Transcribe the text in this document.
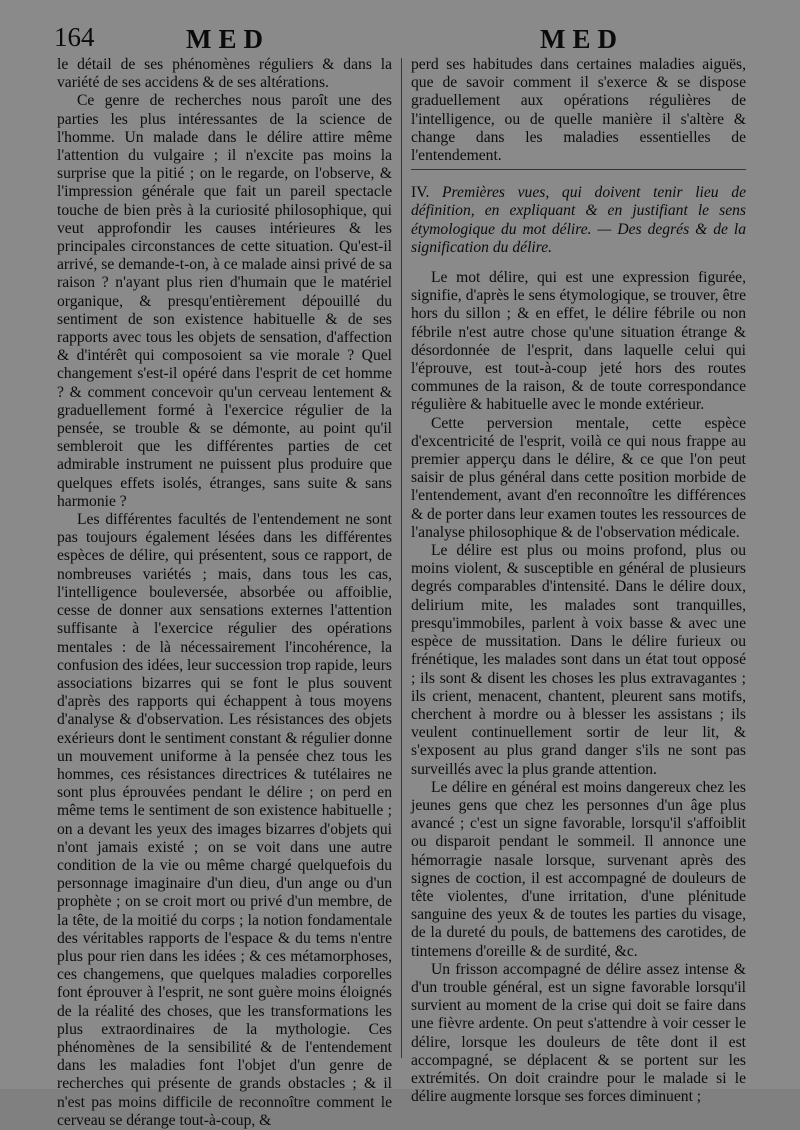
164	MED	MED

le détail de ses phénomènes réguliers & dans la variété de ses accidens & de ses altérations.

Ce genre de recherches nous paroît une des parties les plus intéressantes de la science de l'homme. Un malade dans le délire attire même l'attention du vulgaire ; il n'excite pas moins la surprise que la pitié ; on le regarde, on l'observe, & l'impression générale que fait un pareil spectacle touche de bien près à la curiosité philosophique, qui veut approfondir les causes intérieures & les principales circonstances de cette situation. Qu'est-il arrivé, se demande-t-on, à ce malade ainsi privé de sa raison ? n'ayant plus rien d'humain que le matériel organique, & presqu'entièrement dépouillé du sentiment de son existence habituelle & de ses rapports avec tous les objets de sensation, d'affection & d'intérêt qui composoient sa vie morale ? Quel changement s'est-il opéré dans l'esprit de cet homme ? & comment concevoir qu'un cerveau lentement & graduellement formé à l'exercice régulier de la pensée, se trouble & se démonte, au point qu'il sembleroit que les différentes parties de cet admirable instrument ne puissent plus produire que quelques effets isolés, étranges, sans suite & sans harmonie ?

Les différentes facultés de l'entendement ne sont pas toujours également lésées dans les différentes espèces de délire, qui présentent, sous ce rapport, de nombreuses variétés ; mais, dans tous les cas, l'intelligence bouleversée, absorbée ou affoiblie, cesse de donner aux sensations externes l'attention suffisante à l'exercice régulier des opérations mentales : de là nécessairement l'incohérence, la confusion des idées, leur succession trop rapide, leurs associations bizarres qui se font le plus souvent d'après des rapports qui échappent à tous moyens d'analyse & d'observation. Les résistances des objets exérieurs dont le sentiment constant & régulier donne un mouvement uniforme à la pensée chez tous les hommes, ces résistances directrices & tutélaires ne sont plus éprouvées pendant le délire ; on perd en même tems le sentiment de son existence habituelle ; on a devant les yeux des images bizarres d'objets qui n'ont jamais existé ; on se voit dans une autre condition de la vie ou même chargé quelquefois du personnage imaginaire d'un dieu, d'un ange ou d'un prophète ; on se croit mort ou privé d'un membre, de la tête, de la moitié du corps ; la notion fondamentale des véritables rapports de l'espace & du tems n'entre plus pour rien dans les idées ; & ces métamorphoses, ces changemens, que quelques maladies corporelles font éprouver à l'esprit, ne sont guère moins éloignés de la réalité des choses, que les transformations les plus extraordinaires de la mythologie. Ces phénomènes de la sensibilité & de l'entendement dans les maladies font l'objet d'un genre de recherches qui présente de grands obstacles ; & il n'est pas moins difficile de reconnoître comment le cerveau se dérange tout-à-coup, &

perd ses habitudes dans certaines maladies aiguës, que de savoir comment il s'exerce & se dispose graduellement aux opérations régulières de l'intelligence, ou de quelle manière il s'altère & change dans les maladies essentielles de l'entendement.

IV. Premières vues, qui doivent tenir lieu de définition, en expliquant & en justifiant le sens étymologique du mot délire. — Des degrés & de la signification du délire.

Le mot délire, qui est une expression figurée, signifie, d'après le sens étymologique, se trouver, être hors du sillon ; & en effet, le délire fébrile ou non fébrile n'est autre chose qu'une situation étrange & désordonnée de l'esprit, dans laquelle celui qui l'éprouve, est tout-à-coup jeté hors des routes communes de la raison, & de toute correspondance régulière & habituelle avec le monde extérieur.

Cette perversion mentale, cette espèce d'excentricité de l'esprit, voilà ce qui nous frappe au premier apperçu dans le délire, & ce que l'on peut saisir de plus général dans cette position morbide de l'entendement, avant d'en reconnoître les différences & de porter dans leur examen toutes les ressources de l'analyse philosophique & de l'observation médicale.

Le délire est plus ou moins profond, plus ou moins violent, & susceptible en général de plusieurs degrés comparables d'intensité. Dans le délire doux, delirium mite, les malades sont tranquilles, presqu'immobiles, parlent à voix basse & avec une espèce de mussitation. Dans le délire furieux ou frénétique, les malades sont dans un état tout opposé ; ils sont & disent les choses les plus extravagantes ; ils crient, menacent, chantent, pleurent sans motifs, cherchent à mordre ou à blesser les assistans ; ils veulent continuellement sortir de leur lit, & s'exposent au plus grand danger s'ils ne sont pas surveillés avec la plus grande attention.

Le délire en général est moins dangereux chez les jeunes gens que chez les personnes d'un âge plus avancé ; c'est un signe favorable, lorsqu'il s'affoiblit ou disparoit pendant le sommeil. Il annonce une hémorragie nasale lorsque, survenant après des signes de coction, il est accompagné de douleurs de tête violentes, d'une irritation, d'une plénitude sanguine des yeux & de toutes les parties du visage, de la dureté du pouls, de battemens des carotides, de tintemens d'oreille & de surdité, &c.

Un frisson accompagné de délire assez intense & d'un trouble général, est un signe favorable lorsqu'il survient au moment de la crise qui doit se faire dans une fièvre ardente. On peut s'attendre à voir cesser le délire, lorsque les douleurs de tête dont il est accompagné, se déplacent & se portent sur les extrémités. On doit craindre pour le malade si le délire augmente lorsque ses forces diminuent ;
